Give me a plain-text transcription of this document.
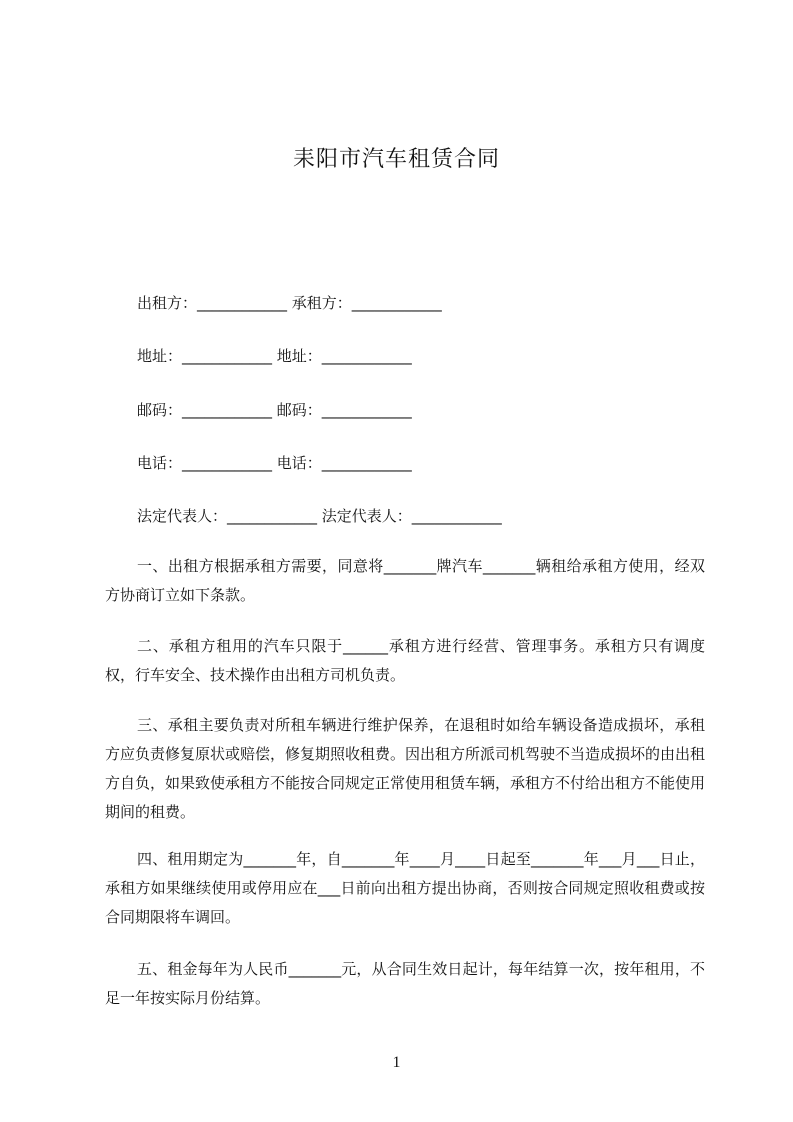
耒阳市汽车租赁合同
出租方：____________ 承租方：____________
地址：____________ 地址：____________
邮码：____________ 邮码：____________
电话：____________ 电话：____________
法定代表人：____________ 法定代表人：____________
一、出租方根据承租方需要，同意将_______牌汽车_______辆租给承租方使用，经双方协商订立如下条款。
二、承租方租用的汽车只限于______承租方进行经营、管理事务。承租方只有调度权，行车安全、技术操作由出租方司机负责。
三、承租主要负责对所租车辆进行维护保养，在退租时如给车辆设备造成损坏，承租方应负责修复原状或赔偿，修复期照收租费。因出租方所派司机驾驶不当造成损坏的由出租方自负，如果致使承租方不能按合同规定正常使用租赁车辆，承租方不付给出租方不能使用期间的租费。
四、租用期定为_______年，自_______年____月____日起至_______年___月___日止，承租方如果继续使用或停用应在___日前向出租方提出协商，否则按合同规定照收租费或按合同期限将车调回。
五、租金每年为人民币_______元，从合同生效日起计，每年结算一次，按年租用，不足一年按实际月份结算。
1
